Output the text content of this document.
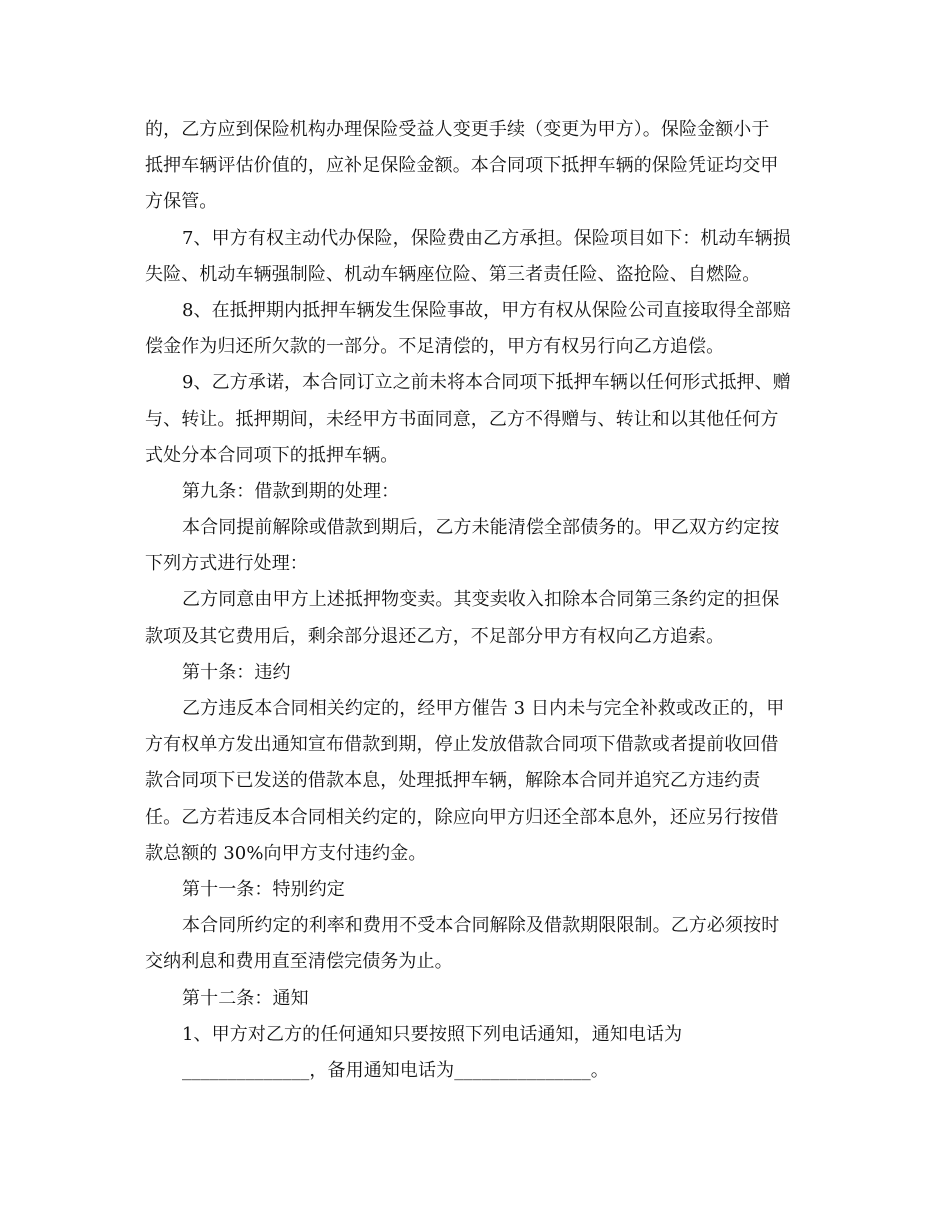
的，乙方应到保险机构办理保险受益人变更手续（变更为甲方）。保险金额小于
抵押车辆评估价值的，应补足保险金额。本合同项下抵押车辆的保险凭证均交甲
方保管。
7、甲方有权主动代办保险，保险费由乙方承担。保险项目如下：机动车辆损
失险、机动车辆强制险、机动车辆座位险、第三者责任险、盗抢险、自燃险。
8、在抵押期内抵押车辆发生保险事故，甲方有权从保险公司直接取得全部赔
偿金作为归还所欠款的一部分。不足清偿的，甲方有权另行向乙方追偿。
9、乙方承诺，本合同订立之前未将本合同项下抵押车辆以任何形式抵押、赠
与、转让。抵押期间，未经甲方书面同意，乙方不得赠与、转让和以其他任何方
式处分本合同项下的抵押车辆。
第九条：借款到期的处理：
本合同提前解除或借款到期后，乙方未能清偿全部债务的。甲乙双方约定按
下列方式进行处理：
乙方同意由甲方上述抵押物变卖。其变卖收入扣除本合同第三条约定的担保
款项及其它费用后，剩余部分退还乙方，不足部分甲方有权向乙方追索。
第十条：违约
乙方违反本合同相关约定的，经甲方催告 3 日内未与完全补救或改正的，甲
方有权单方发出通知宣布借款到期，停止发放借款合同项下借款或者提前收回借
款合同项下已发送的借款本息，处理抵押车辆，解除本合同并追究乙方违约责
任。乙方若违反本合同相关约定的，除应向甲方归还全部本息外，还应另行按借
款总额的 30%向甲方支付违约金。
第十一条：特别约定
本合同所约定的利率和费用不受本合同解除及借款期限限制。乙方必须按时
交纳利息和费用直至清偿完债务为止。
第十二条：通知
1、甲方对乙方的任何通知只要按照下列电话通知，通知电话为
______________，备用通知电话为_______________。
